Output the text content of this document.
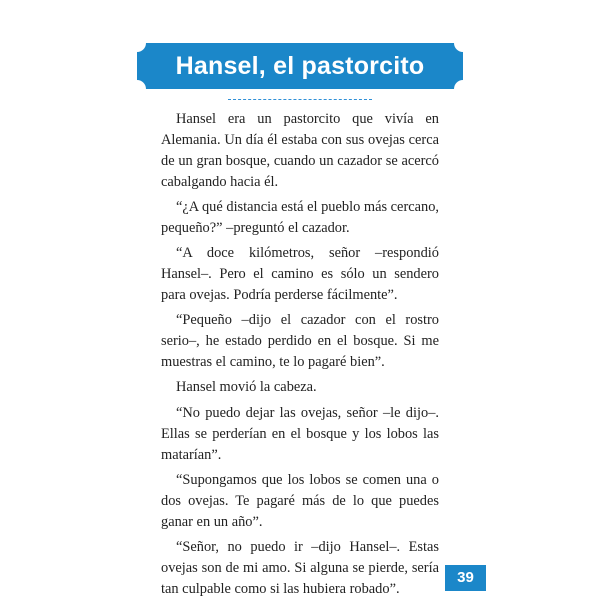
Hansel, el pastorcito

Hansel era un pastorcito que vivía en Alemania. Un día él estaba con sus ovejas cerca de un gran bosque, cuando un cazador se acercó cabalgando hacia él.

“¿A qué distancia está el pueblo más cercano, pequeño?” –preguntó el cazador.

“A doce kilómetros, señor –respondió Hansel–. Pero el camino es sólo un sendero para ovejas. Podría perderse fácilmente”.

“Pequeño –dijo el cazador con el rostro serio–, he estado perdido en el bosque. Si me muestras el camino, te lo pagaré bien”.

Hansel movió la cabeza.

“No puedo dejar las ovejas, señor –le dijo–. Ellas se perderían en el bosque y los lobos las matarían”.

“Supongamos que los lobos se comen una o dos ovejas. Te pagaré más de lo que puedes ganar en un año”.

“Señor, no puedo ir –dijo Hansel–. Estas ovejas son de mi amo. Si alguna se pierde, sería tan culpable como si las hubiera robado”.

39
